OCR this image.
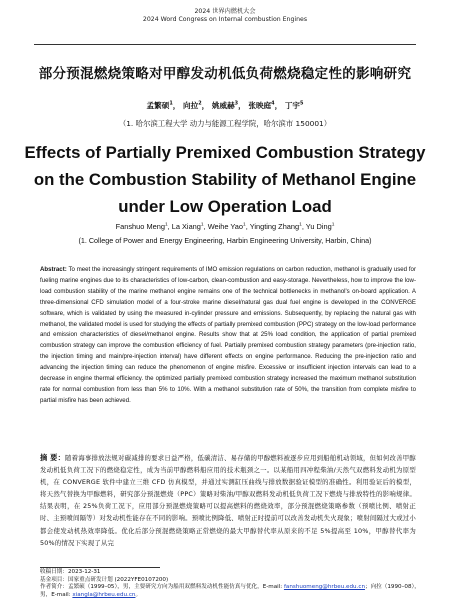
2024 世界内燃机大会
2024 Word Congress on Internal combustion Engines
部分预混燃烧策略对甲醇发动机低负荷燃烧稳定性的影响研究
孟繁硕$^1$， 向拉$^2$， 姚威赫$^3$， 张映庭$^4$， 丁宇$^5$
（1. 哈尔滨工程大学 动力与能源工程学院，哈尔滨市 150001）
Effects of Partially Premixed Combustion Strategy on the Combustion Stability of Methanol Engine under Low Operation Load
Fanshuo Meng$^1$, La Xiang$^1$, Weihe Yao$^1$, Yingting Zhang$^1$, Yu Ding$^1$
(1. College of Power and Energy Engineering, Harbin Engineering University, Harbin, China)
Abstract: To meet the increasingly stringent requirements of IMO emission regulations on carbon reduction, methanol is gradually used for fueling marine engines due to its characteristics of low-carbon, clean-combustion and easy-storage. Nevertheless, how to improve the low-load combustion stability of the marine methanol engine remains one of the technical bottlenecks in methanol's on-board application. A three-dimensional CFD simulation model of a four-stroke marine diesel/natural gas dual fuel engine is developed in the CONVERGE software, which is validated by using the measured in-cylinder pressure and emissions. Subsequently, by replacing the natural gas with methanol, the validated model is used for studying the effects of partially premixed combustion (PPC) strategy on the low-load performance and emission characteristics of diesel/methanol engine. Results show that at 25% load condition, the application of partial premixed combustion strategy can improve the combustion efficiency of fuel. Partially premixed combustion strategy parameters (pre-injection ratio, the injection timing and main/pre-injection interval) have different effects on engine performance. Reducing the pre-injection ratio and advancing the injection timing can reduce the phenomenon of engine misfire. Excessive or insufficient injection intervals can lead to a decrease in engine thermal efficiency. the optimized partially premixed combustion strategy increased the maximum methanol substitution rate for normal combustion from less than 5% to 10%. With a methanol substitution rate of 50%, the transition from complete misfire to partial misfire has been achieved.
摘 要：随着海事排放法规对碳减排的要求日益严格，低碳清洁、易存储的甲醇燃料被逐步应用到船舶机动领域，但如何改善甲醇发动机低负荷工况下的燃烧稳定性，成为当前甲醇燃料船应用的技术瓶颈之一。以某船用四冲程柴油/天然气双燃料发动机为原型机，在 CONVERGE 软件中建立三维 CFD 仿真模型，并通过实测缸压曲线与排放数据验证模型的准确性。利用验证后的模型，将天然气替换为甲醇燃料，研究部分预混燃烧（PPC）策略对柴油/甲醇双燃料发动机低负荷工况下燃烧与排放特性的影响规律。结果表明，在 25%负荷工况下，应用部分预混燃烧策略可以提高燃料的燃烧效率，部分预混燃烧策略参数（预喷比例、喷射正时、主预喷间隔等）对发动机性能存在不同的影响。预喷比例降低、喷射正时提前可以改善发动机失火现象；喷射间隔过大或过小都会使发动机热效率降低。优化后部分预混燃烧策略正常燃烧的最大甲醇替代率从原来的不足 5%提高至 10%，甲醇替代率为 50%的情况下实现了从完
收稿日期：2023-12-31
基金项目：国家重点研发计划 (2022YFE0107200)
作者简介：孟繁硕（1999–05），男，主要研究方向为船用双燃料发动机性能仿真与优化，E-mail: fanshuomeng@hrbeu.edu.cn；向拉（1990–08），男，E-mail: xiangla@hrbeu.edu.cn。
